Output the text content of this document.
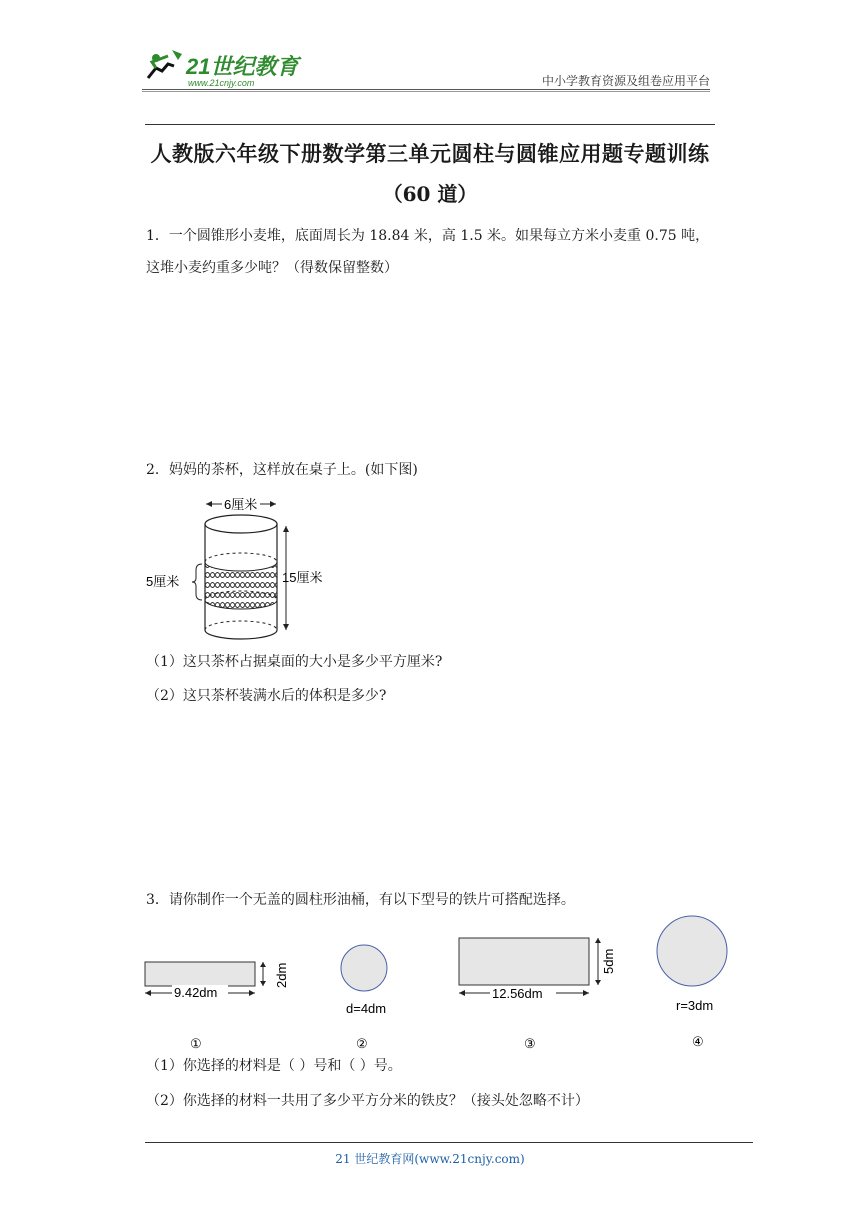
21世纪教育
www.21cnjy.com	中小学教育资源及组卷应用平台
人教版六年级下册数学第三单元圆柱与圆锥应用题专题训练
（60 道）
1．一个圆锥形小麦堆，底面周长为 18.84 米，高 1.5 米。如果每立方米小麦重 0.75 吨，
这堆小麦约重多少吨？（得数保留整数）
2．妈妈的茶杯，这样放在桌子上。(如下图)
6厘米
5厘米	15厘米
（1）这只茶杯占据桌面的大小是多少平方厘米?
（2）这只茶杯装满水后的体积是多少?
3．请你制作一个无盖的圆柱形油桶，有以下型号的铁片可搭配选择。
9.42dm
2dm
①
d=4dm
②
12.56dm
5dm
③
r=3dm
④
（1）你选择的材料是（ ）号和（ ）号。
（2）你选择的材料一共用了多少平方分米的铁皮？（接头处忽略不计）
21 世纪教育网(www.21cnjy.com)
